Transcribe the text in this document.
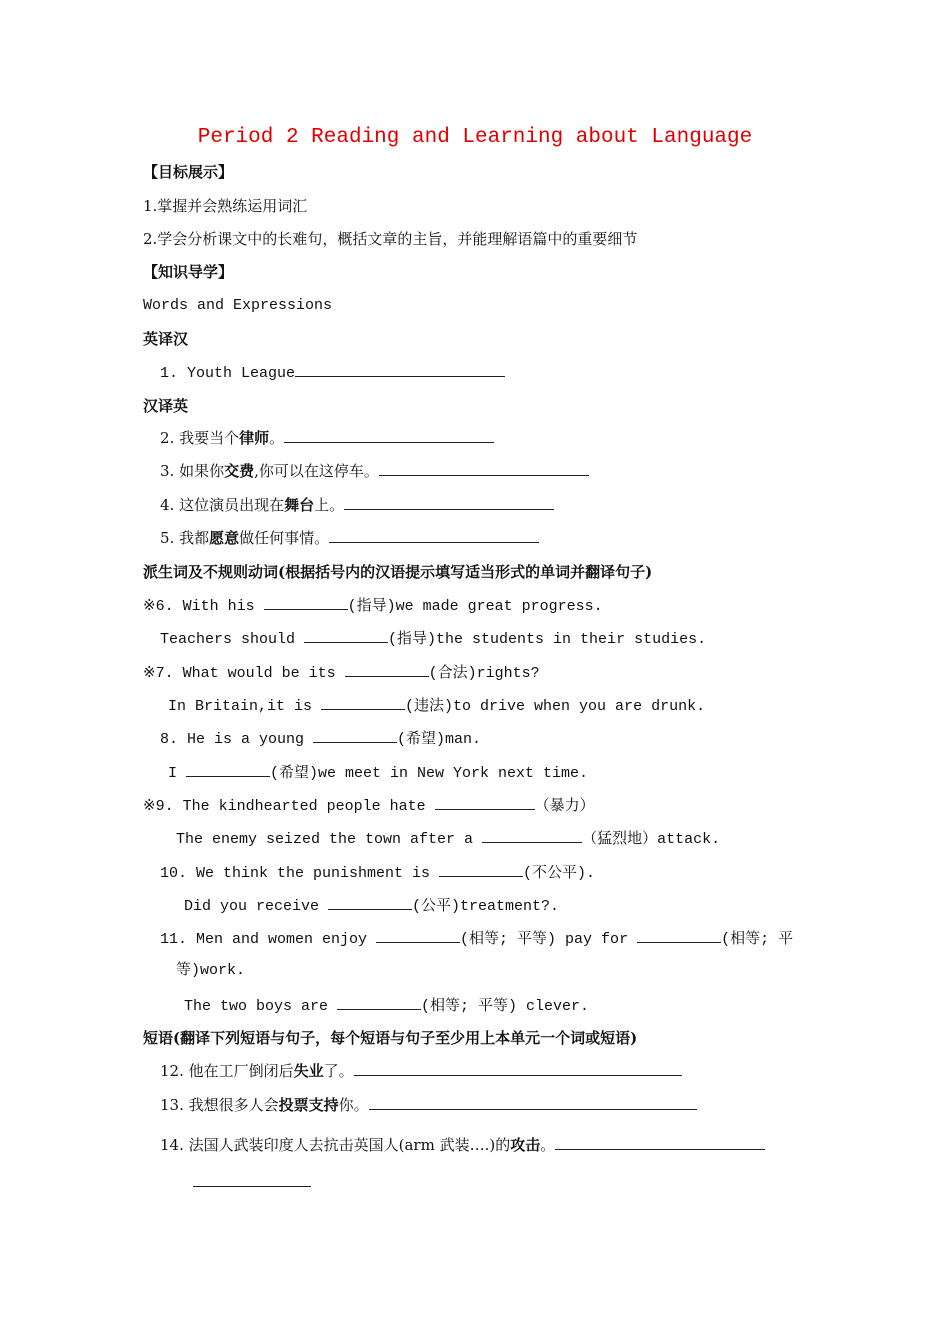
Period 2 Reading and Learning about Language
【目标展示】
1.掌握并会熟练运用词汇
2.学会分析课文中的长难句，概括文章的主旨，并能理解语篇中的重要细节
【知识导学】
Words and Expressions
英译汉
1. Youth League
汉译英
2. 我要当个律师。
3. 如果你交费,你可以在这停车。
4. 这位演员出现在舞台上。
5. 我都愿意做任何事情。
派生词及不规则动词(根据括号内的汉语提示填写适当形式的单词并翻译句子)
※6. With his	(指导)we made great progress.
Teachers should	(指导)the students in their studies.
※7. What would be its	(合法)rights?
In Britain,it is	(违法)to drive when you are drunk.
8. He is a young	(希望)man.
I	(希望)we meet in New York next time.
※9. The kindhearted people hate	（暴力）
The enemy seized the town after a	（猛烈地）attack.
10. We think the punishment is	(不公平).
Did you receive	(公平)treatment?.
11. Men and women enjoy	(相等; 平等) pay for	(相等; 平
等)work.
The two boys are	(相等; 平等) clever.
短语(翻译下列短语与句子，每个短语与句子至少用上本单元一个词或短语)
12. 他在工厂倒闭后失业了。
13. 我想很多人会投票支持你。
14. 法国人武装印度人去抗击英国人(arm 武装….)的攻击。
